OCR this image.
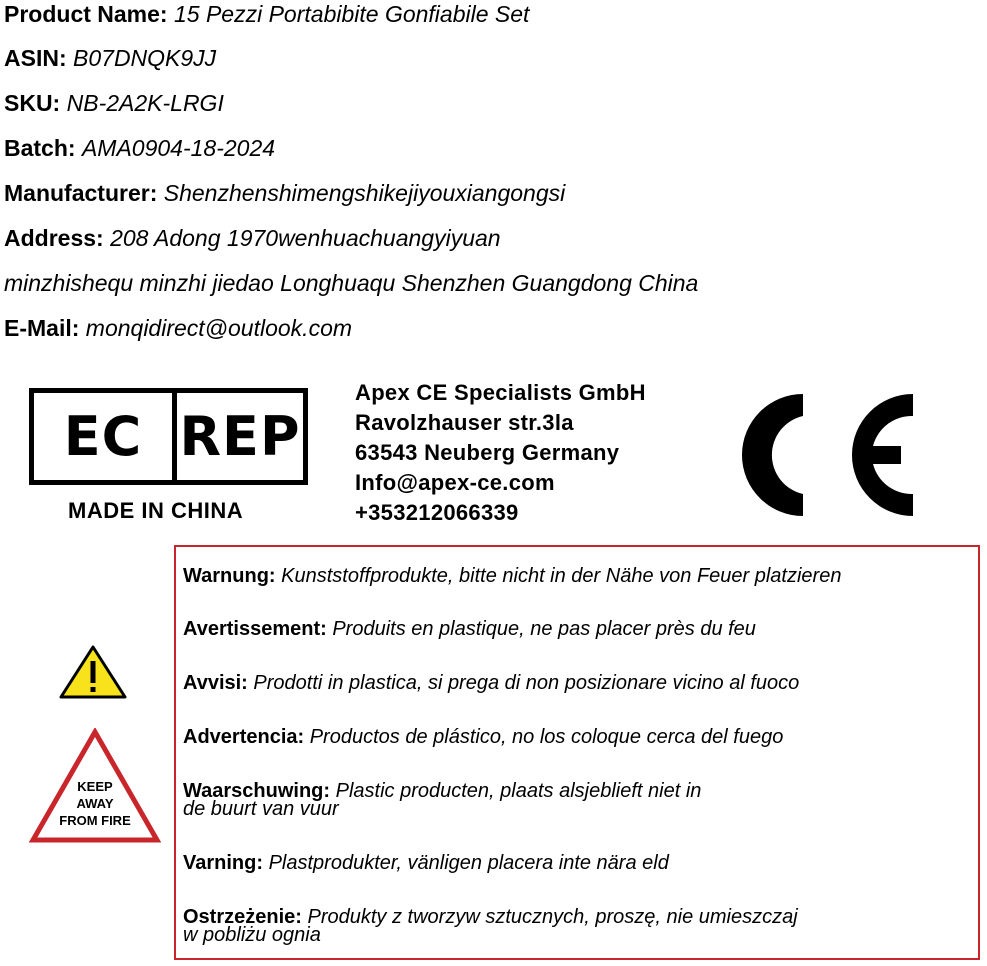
Product Name: 15 Pezzi Portabibite Gonfiabile Set
ASIN: B07DNQK9JJ
SKU: NB-2A2K-LRGI
Batch: AMA0904-18-2024
Manufacturer: Shenzhenshimengshikejiyouxiangongsi
Address: 208 Adong 1970wenhuachuangyiyuan
minzhishequ minzhi jiedao Longhuaqu Shenzhen Guangdong China
E-Mail: monqidirect@outlook.com
EC REP
MADE IN CHINA
Apex CE Specialists GmbH
Ravolzhauser str.3la
63543 Neuberg Germany
Info@apex-ce.com
+353212066339
KEEP
AWAY
FROM FIRE
Warnung: Kunststoffprodukte, bitte nicht in der Nähe von Feuer platzieren
Avertissement: Produits en plastique, ne pas placer près du feu
Avvisi: Prodotti in plastica, si prega di non posizionare vicino al fuoco
Advertencia: Productos de plástico, no los coloque cerca del fuego
Waarschuwing: Plastic producten, plaats alsjeblieft niet in
de buurt van vuur
Varning: Plastprodukter, vänligen placera inte nära eld
Ostrzeżenie: Produkty z tworzyw sztucznych, proszę, nie umieszczaj
w pobliżu ognia
